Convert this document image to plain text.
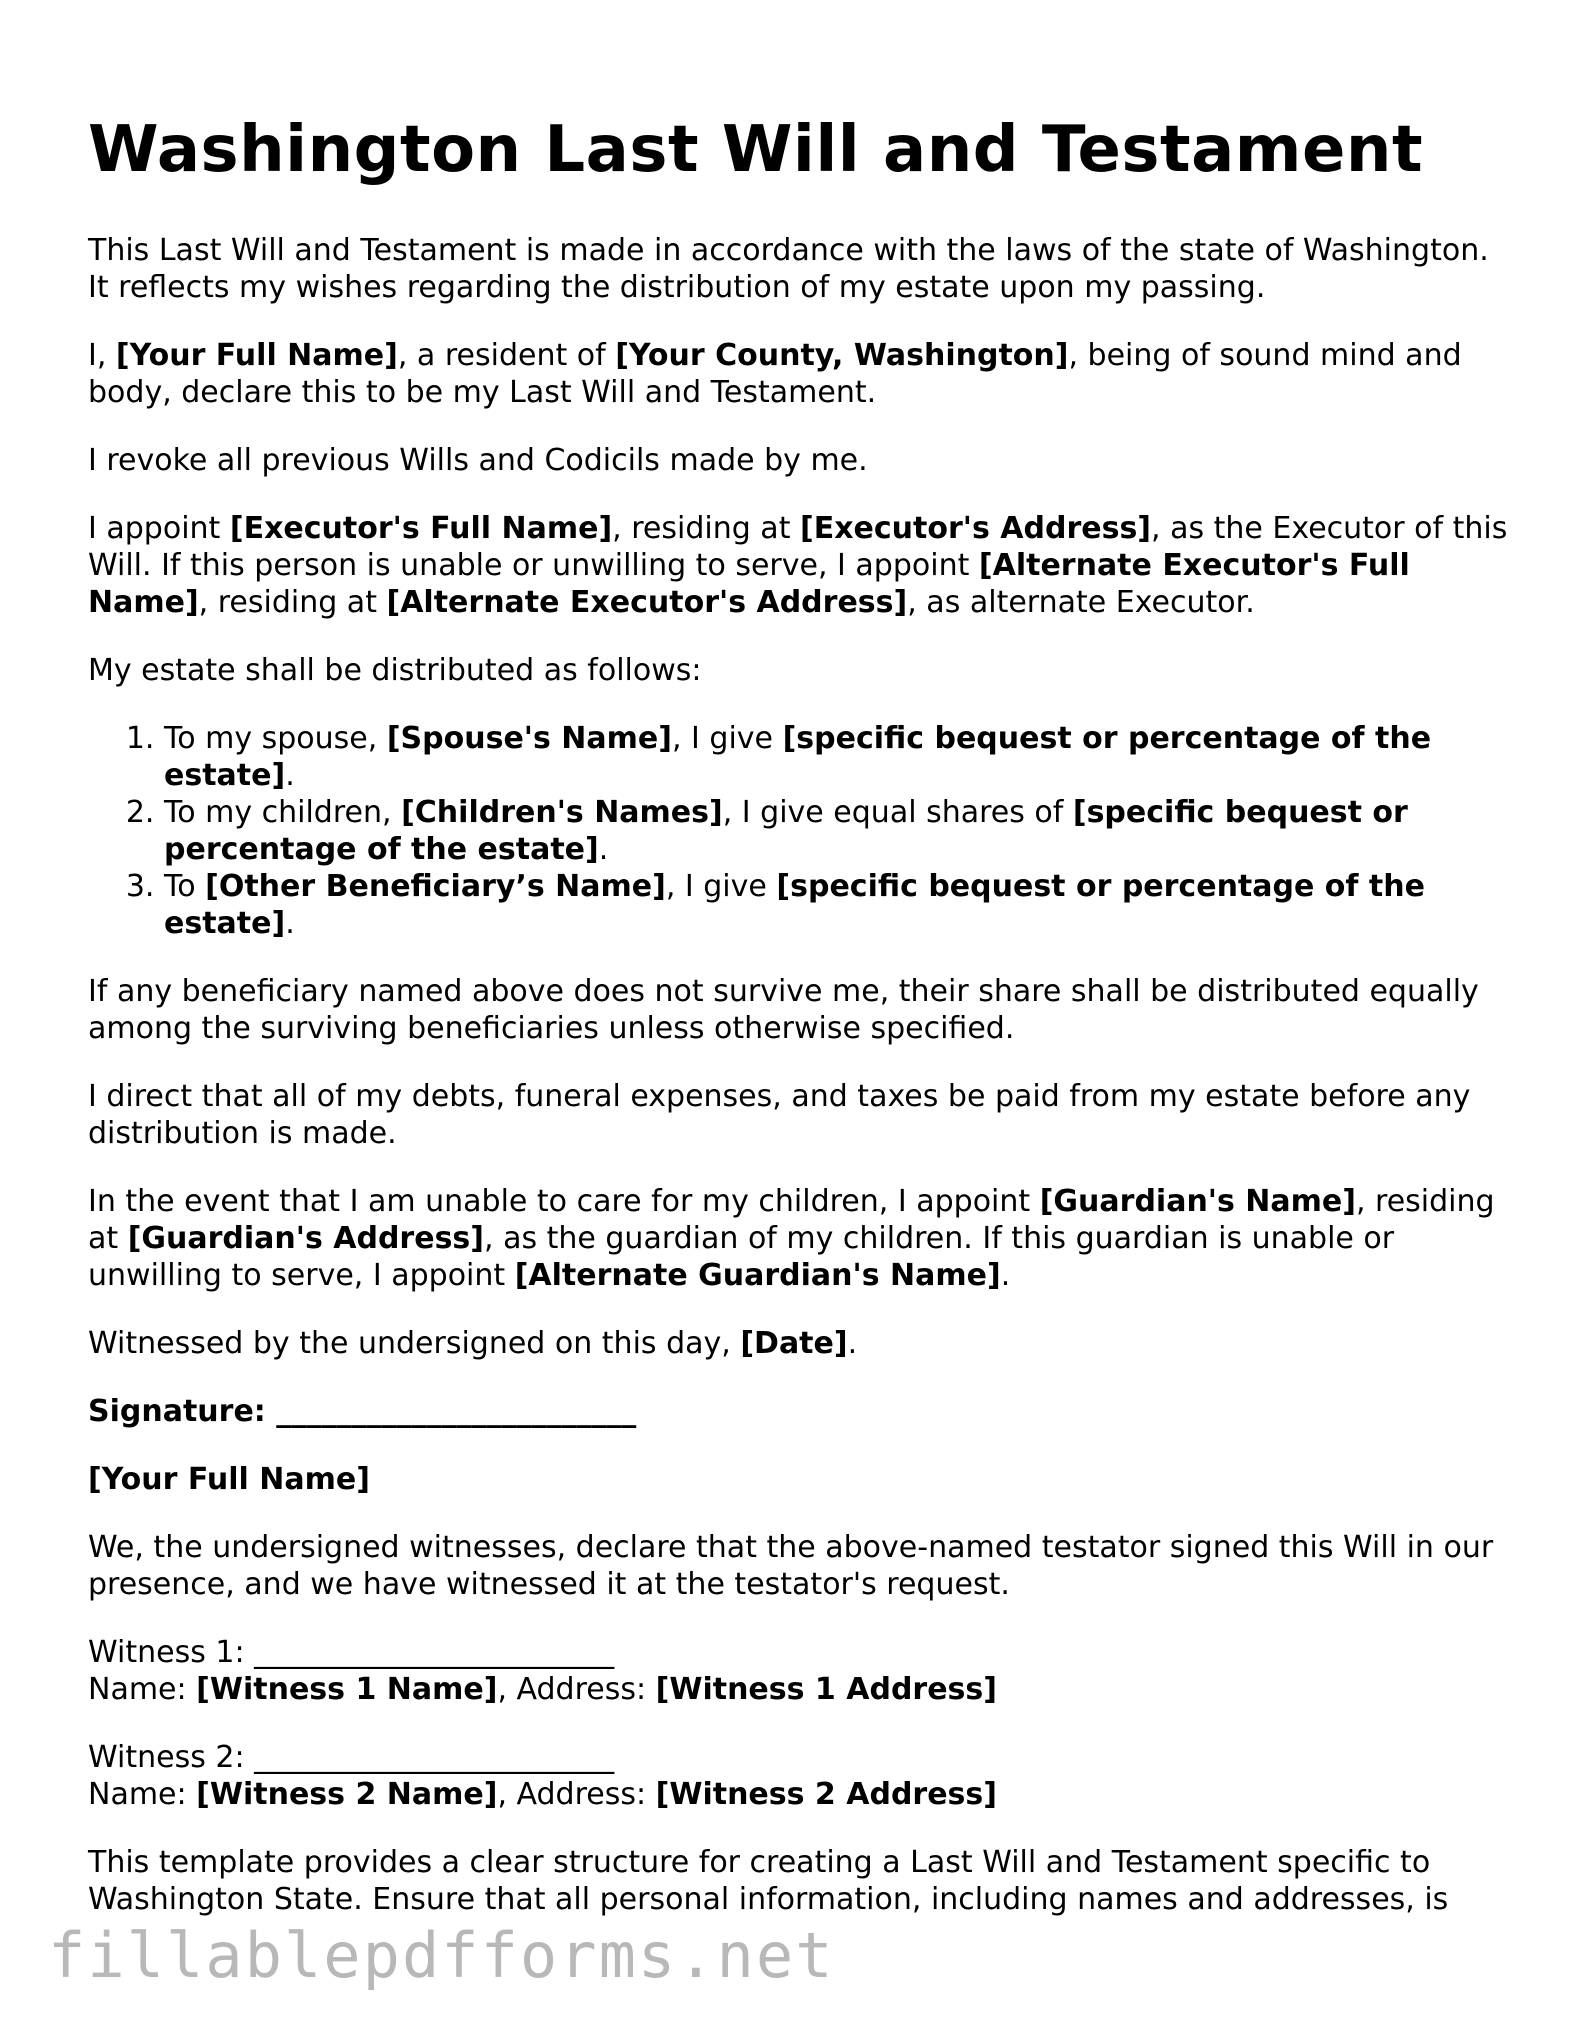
Washington Last Will and Testament

This Last Will and Testament is made in accordance with the laws of the state of Washington. It reflects my wishes regarding the distribution of my estate upon my passing.

I, [Your Full Name], a resident of [Your County, Washington], being of sound mind and body, declare this to be my Last Will and Testament.

I revoke all previous Wills and Codicils made by me.

I appoint [Executor's Full Name], residing at [Executor's Address], as the Executor of this Will. If this person is unable or unwilling to serve, I appoint [Alternate Executor's Full Name], residing at [Alternate Executor's Address], as alternate Executor.

My estate shall be distributed as follows:

1. To my spouse, [Spouse's Name], I give [specific bequest or percentage of the estate].
2. To my children, [Children's Names], I give equal shares of [specific bequest or percentage of the estate].
3. To [Other Beneficiary’s Name], I give [specific bequest or percentage of the estate].

If any beneficiary named above does not survive me, their share shall be distributed equally among the surviving beneficiaries unless otherwise specified.

I direct that all of my debts, funeral expenses, and taxes be paid from my estate before any distribution is made.

In the event that I am unable to care for my children, I appoint [Guardian's Name], residing at [Guardian's Address], as the guardian of my children. If this guardian is unable or unwilling to serve, I appoint [Alternate Guardian's Name].

Witnessed by the undersigned on this day, [Date].

Signature: ________________________

[Your Full Name]

We, the undersigned witnesses, declare that the above-named testator signed this Will in our presence, and we have witnessed it at the testator's request.

Witness 1: ________________________
Name: [Witness 1 Name], Address: [Witness 1 Address]

Witness 2: ________________________
Name: [Witness 2 Name], Address: [Witness 2 Address]

This template provides a clear structure for creating a Last Will and Testament specific to Washington State. Ensure that all personal information, including names and addresses, is

fillablepdfforms.net
